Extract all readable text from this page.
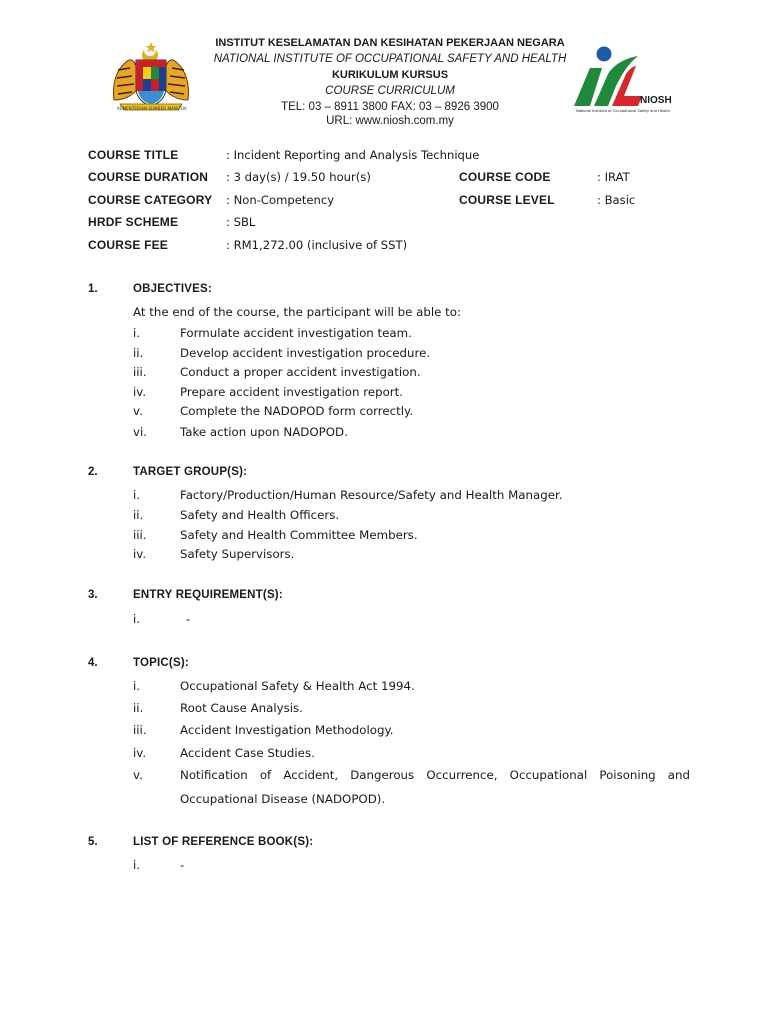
KEMENTERIAN SUMBER MANUSIA
INSTITUT KESELAMATAN DAN KESIHATAN PEKERJAAN NEGARA
NATIONAL INSTITUTE OF OCCUPATIONAL SAFETY AND HEALTH
KURIKULUM KURSUS
COURSE CURRICULUM
TEL: 03 – 8911 3800 FAX: 03 – 8926 3900
URL: www.niosh.com.my
NIOSH
National Institute of Occupational Safety and Health
COURSE TITLE	: Incident Reporting and Analysis Technique
COURSE DURATION : 3 day(s) / 19.50 hour(s)	COURSE CODE	: IRAT
COURSE CATEGORY : Non-Competency	COURSE LEVEL	: Basic
HRDF SCHEME	: SBL
COURSE FEE	: RM1,272.00 (inclusive of SST)
1.	OBJECTIVES:
At the end of the course, the participant will be able to:
i.	Formulate accident investigation team.
ii.	Develop accident investigation procedure.
iii.	Conduct a proper accident investigation.
iv.	Prepare accident investigation report.
v.	Complete the NADOPOD form correctly.
vi.	Take action upon NADOPOD.
2.	TARGET GROUP(S):
i.	Factory/Production/Human Resource/Safety and Health Manager.
ii.	Safety and Health Officers.
iii.	Safety and Health Committee Members.
iv.	Safety Supervisors.
3.	ENTRY REQUIREMENT(S):
i.	-
4.	TOPIC(S):
i.	Occupational Safety & Health Act 1994.
ii.	Root Cause Analysis.
iii.	Accident Investigation Methodology.
iv.	Accident Case Studies.
v.	Notification of Accident, Dangerous Occurrence, Occupational Poisoning and
Occupational Disease (NADOPOD).
5.	LIST OF REFERENCE BOOK(S):
i.	-
